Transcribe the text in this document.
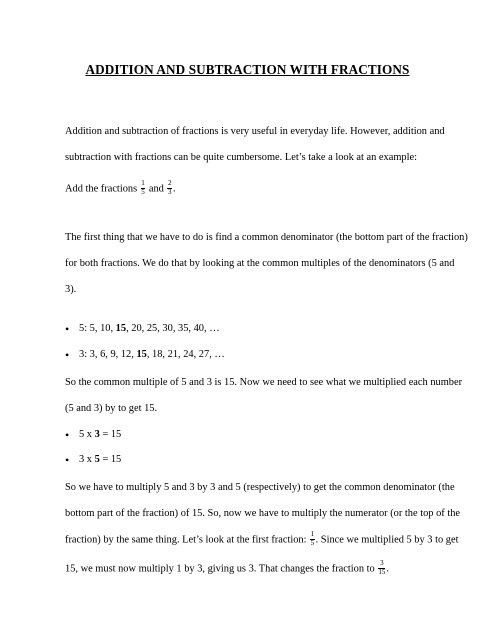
ADDITION AND SUBTRACTION WITH FRACTIONS
Addition and subtraction of fractions is very useful in everyday life. However, addition and
subtraction with fractions can be quite cumbersome. Let’s take a look at an example:
Add the fractions $\frac{1}{5}$ and $\frac{2}{3}$ .
The first thing that we have to do is find a common denominator (the bottom part of the fraction)
for both fractions. We do that by looking at the common multiples of the denominators (5 and
3).
• 5: 5, 10, 15, 20, 25, 30, 35, 40, …
• 3: 3, 6, 9, 12, 15, 18, 21, 24, 27, …
So the common multiple of 5 and 3 is 15. Now we need to see what we multiplied each number
(5 and 3) by to get 15.
• 5 x 3 = 15
• 3 x 5 = 15
So we have to multiply 5 and 3 by 3 and 5 (respectively) to get the common denominator (the
bottom part of the fraction) of 15. So, now we have to multiply the numerator (or the top of the
fraction) by the same thing. Let’s look at the first fraction: $\frac{1}{5}$ . Since we multiplied 5 by 3 to get
15, we must now multiply 1 by 3, giving us 3. That changes the fraction to $\frac{3}{15}$ .
